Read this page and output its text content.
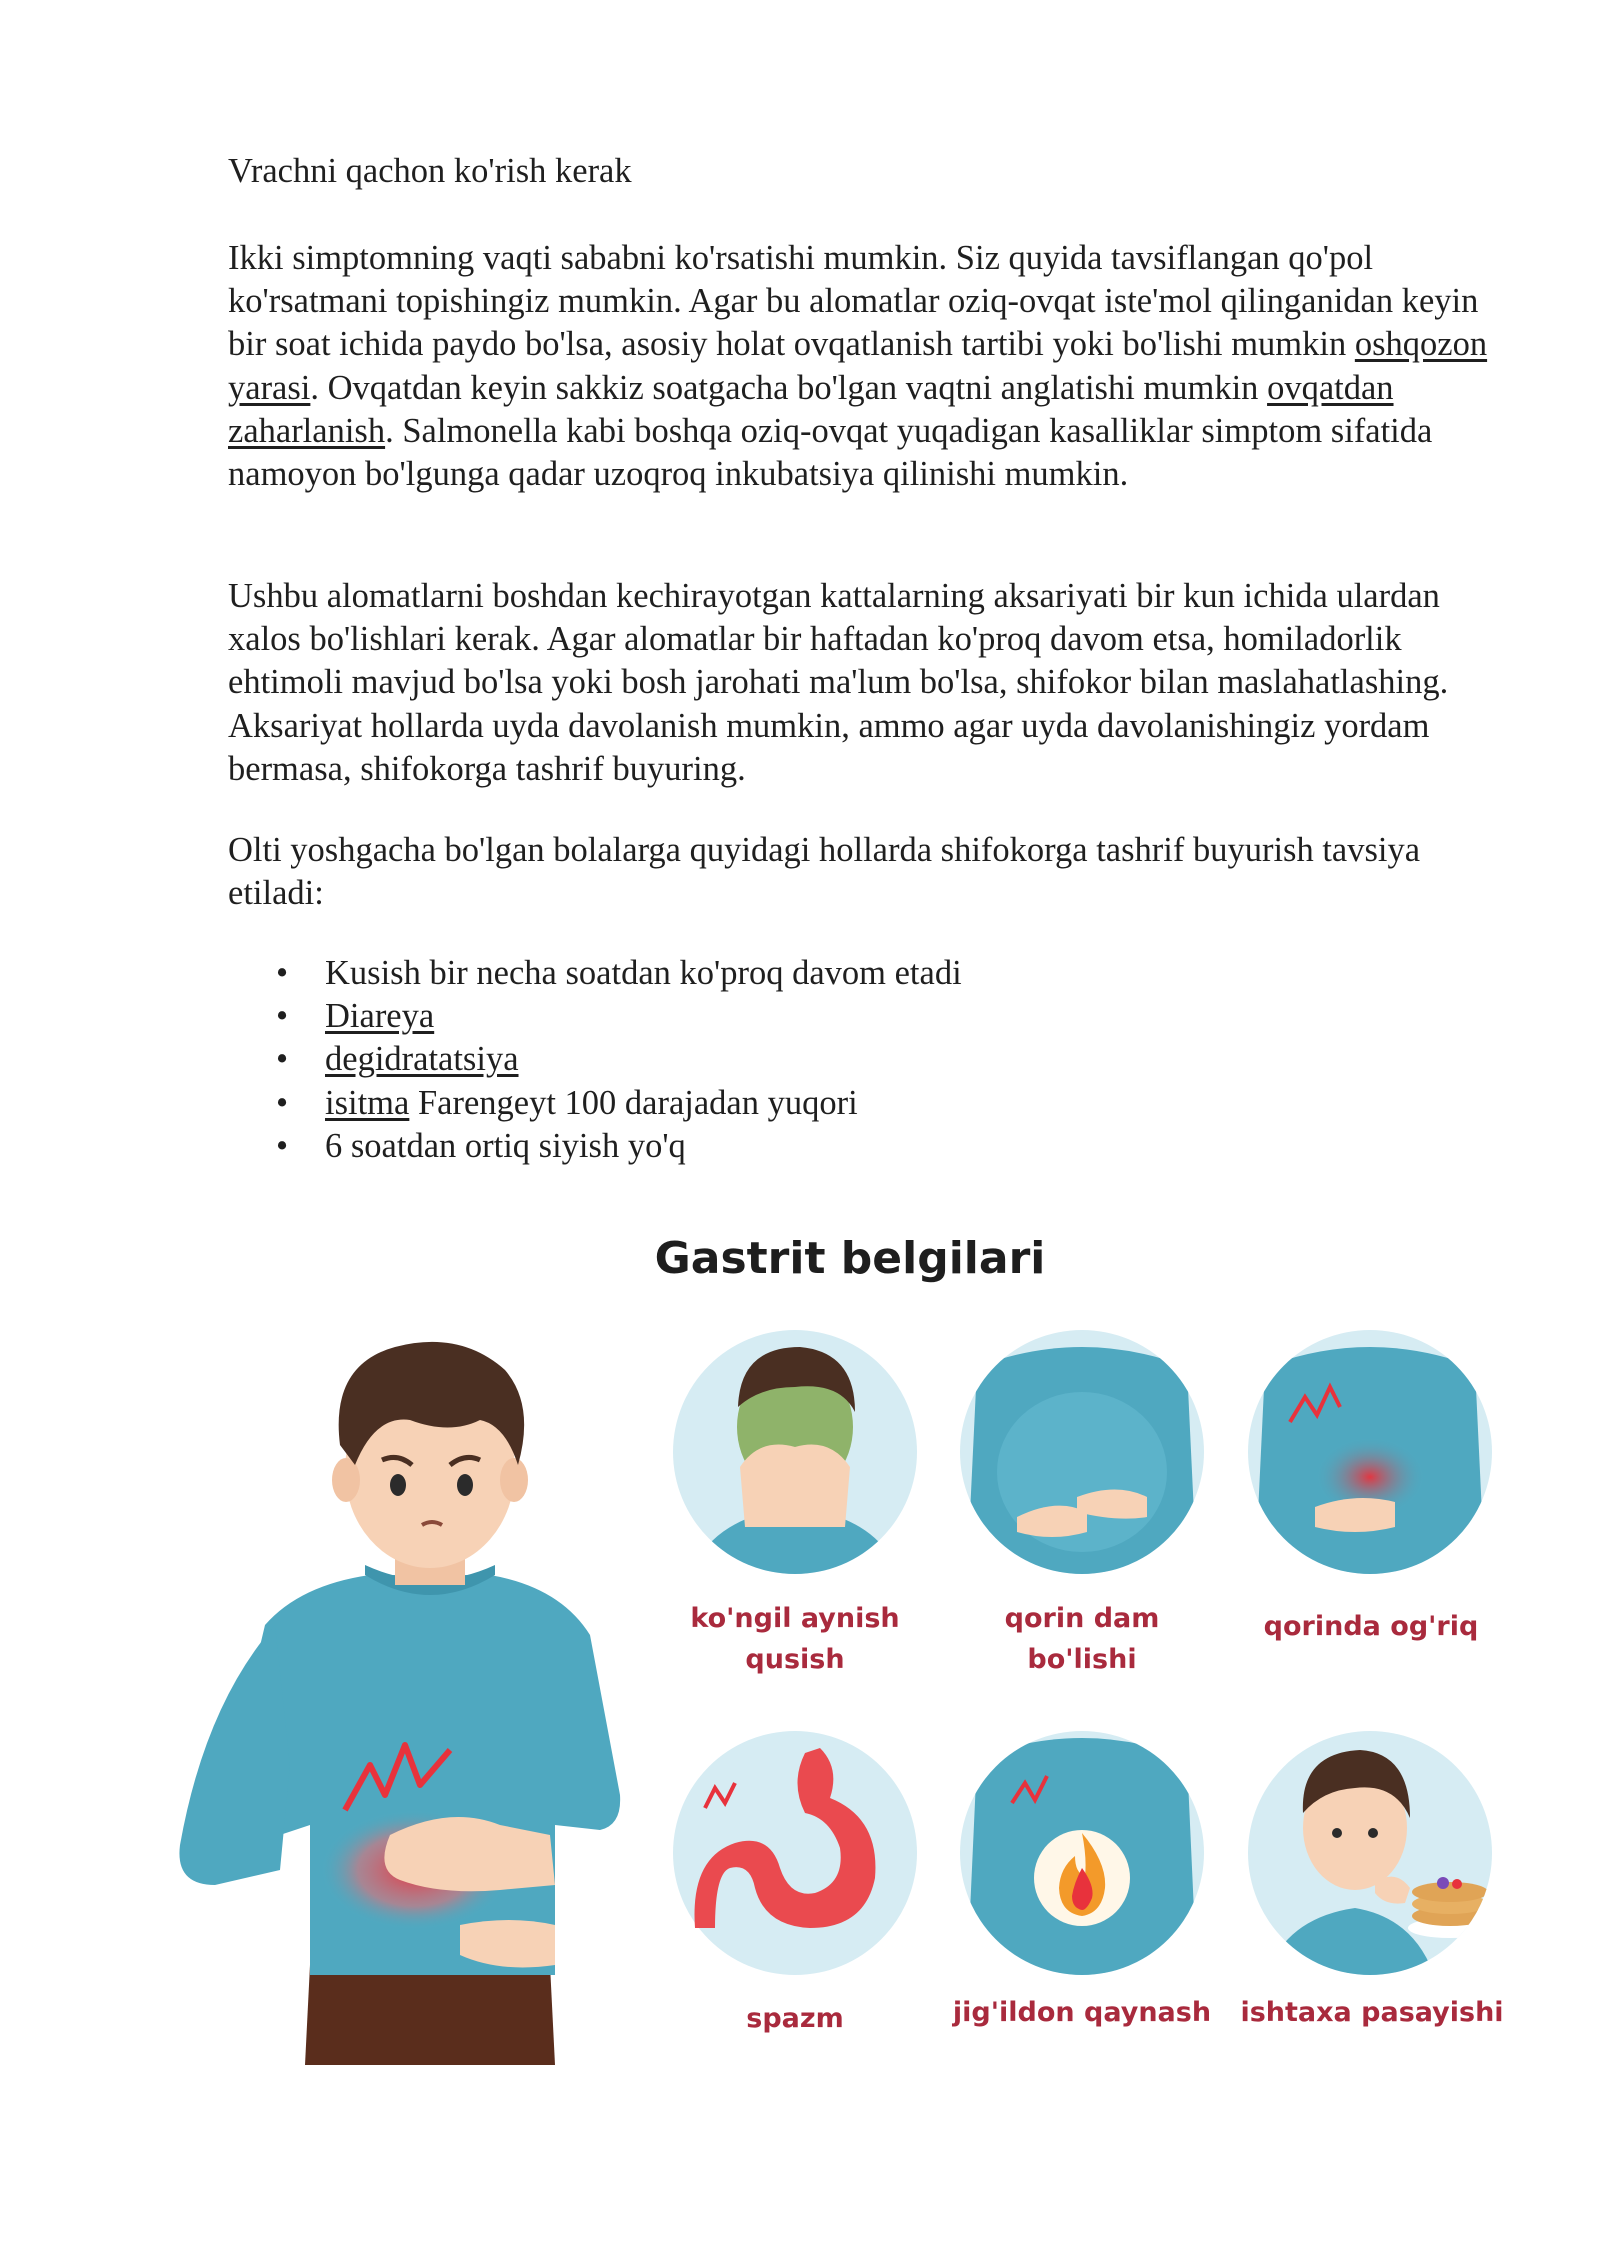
Vrachni qachon ko'rish kerak

Ikki simptomning vaqti sababni ko'rsatishi mumkin. Siz quyida tavsiflangan qo'pol ko'rsatmani topishingiz mumkin. Agar bu alomatlar oziq-ovqat iste'mol qilinganidan keyin bir soat ichida paydo bo'lsa, asosiy holat ovqatlanish tartibi yoki bo'lishi mumkin oshqozon yarasi. Ovqatdan keyin sakkiz soatgacha bo'lgan vaqtni anglatishi mumkin ovqatdan zaharlanish. Salmonella kabi boshqa oziq-ovqat yuqadigan kasalliklar simptom sifatida namoyon bo'lgunga qadar uzoqroq inkubatsiya qilinishi mumkin.

Ushbu alomatlarni boshdan kechirayotgan kattalarning aksariyati bir kun ichida ulardan xalos bo'lishlari kerak. Agar alomatlar bir haftadan ko'proq davom etsa, homiladorlik ehtimoli mavjud bo'lsa yoki bosh jarohati ma'lum bo'lsa, shifokor bilan maslahatlashing. Aksariyat hollarda uyda davolanish mumkin, ammo agar uyda davolanishingiz yordam bermasa, shifokorga tashrif buyuring.

Olti yoshgacha bo'lgan bolalarga quyidagi hollarda shifokorga tashrif buyurish tavsiya etiladi:

• Kusish bir necha soatdan ko'proq davom etadi
• Diareya
• degidratatsiya
• isitma Farengeyt 100 darajadan yuqori
• 6 soatdan ortiq siyish yo'q
Gastrit belgilari
ko'ngil aynish
qusish
qorin dam
bo'lishi
qorinda og'riq
spazm	jig'ildon qaynash	ishtaxa pasayishi
